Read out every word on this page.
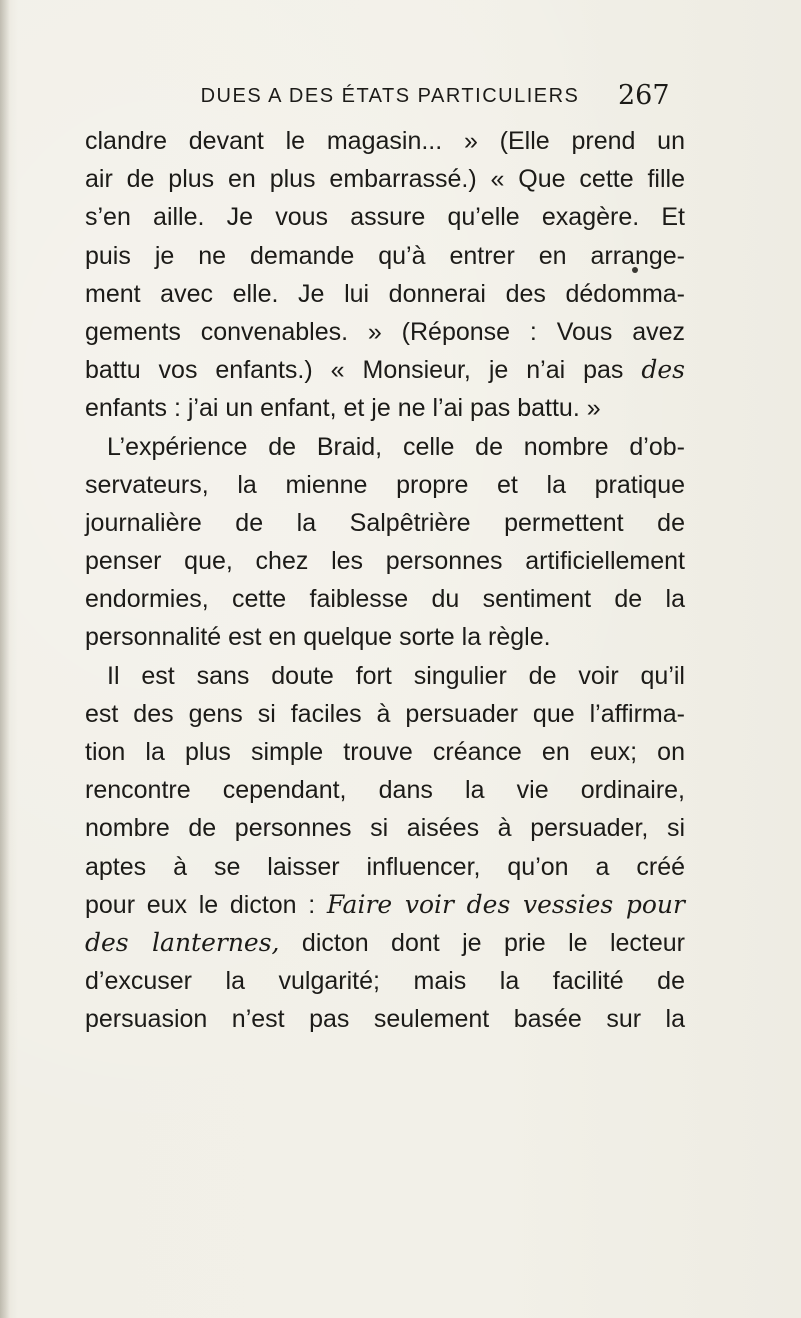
DUES A DES ÉTATS PARTICULIERS	267
clandre devant le magasin... » (Elle prend un
air de plus en plus embarrassé.) « Que cette fille
s’en aille. Je vous assure qu’elle exagère. Et
puis je ne demande qu’à entrer en arrange-
ment avec elle. Je lui donnerai des dédomma-
gements convenables. » (Réponse : Vous avez
battu vos enfants.) « Monsieur, je n’ai pas des
enfants : j’ai un enfant, et je ne l’ai pas battu. »
L’expérience de Braid, celle de nombre d’ob-
servateurs, la mienne propre et la pratique
journalière de la Salpêtrière permettent de
penser que, chez les personnes artificiellement
endormies, cette faiblesse du sentiment de la
personnalité est en quelque sorte la règle.
Il est sans doute fort singulier de voir qu’il
est des gens si faciles à persuader que l’affirma-
tion la plus simple trouve créance en eux; on
rencontre cependant, dans la vie ordinaire,
nombre de personnes si aisées à persuader, si
aptes à se laisser influencer, qu’on a créé
pour eux le dicton : Faire voir des vessies pour
des lanternes, dicton dont je prie le lecteur
d’excuser la vulgarité; mais la facilité de
persuasion n’est pas seulement basée sur la
